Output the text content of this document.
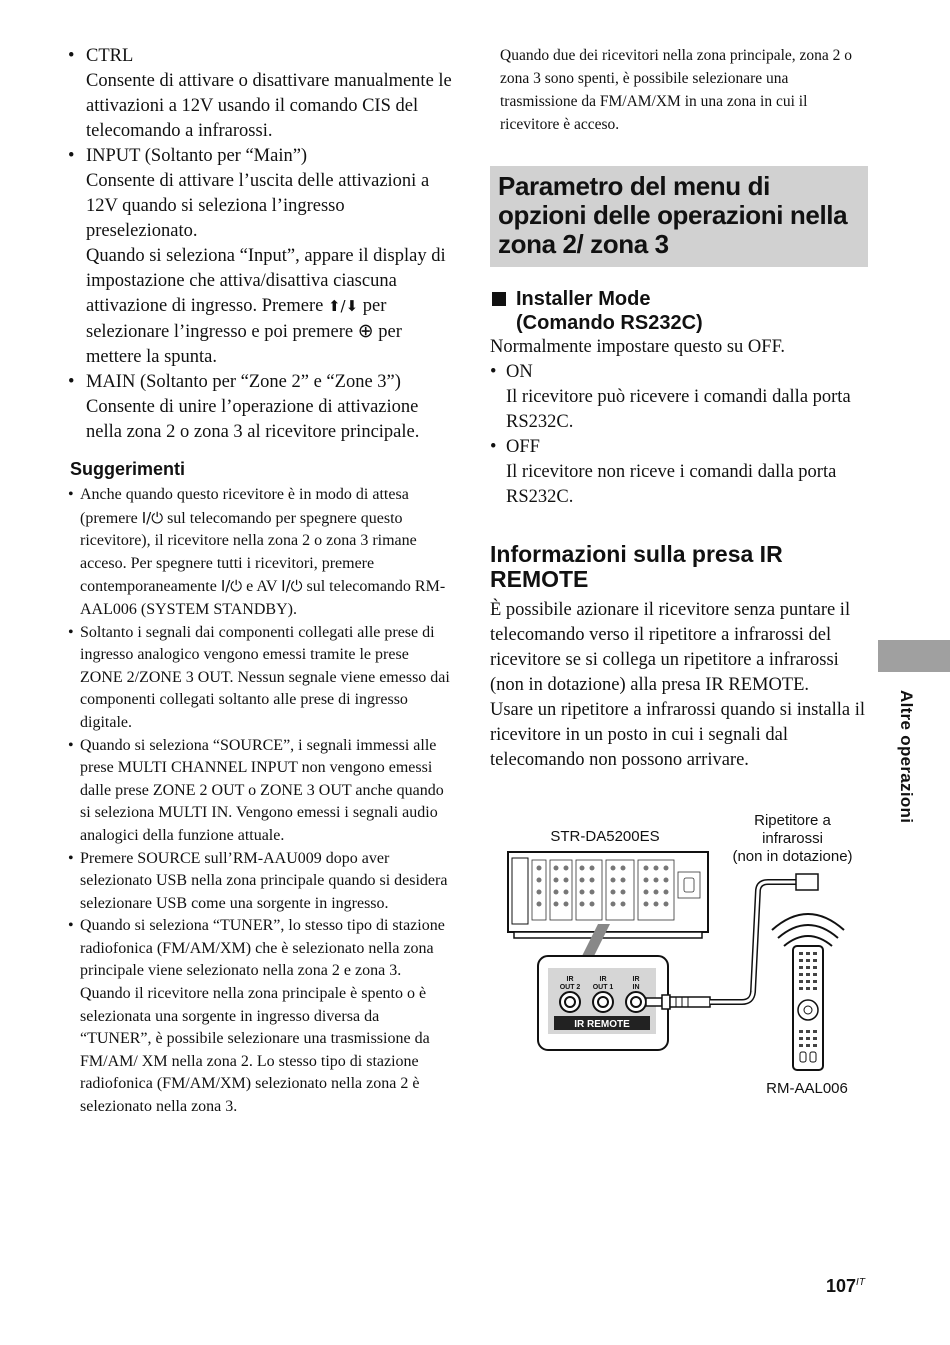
• CTRL
Consente di attivare o disattivare manualmente le attivazioni a 12V usando il comando CIS del telecomando a infrarossi.
• INPUT (Soltanto per “Main”)
Consente di attivare l’uscita delle attivazioni a 12V quando si seleziona l’ingresso preselezionato.
Quando si seleziona “Input”, appare il display di impostazione che attiva/disattiva ciascuna attivazione di ingresso. Premere ⬆/⬇ per selezionare l’ingresso e poi premere ⊕ per mettere la spunta.
• MAIN (Soltanto per “Zone 2” e “Zone 3”)
Consente di unire l’operazione di attivazione nella zona 2 o zona 3 al ricevitore principale.
Suggerimenti
• Anche quando questo ricevitore è in modo di attesa (premere I/⏻ sul telecomando per spegnere questo ricevitore), il ricevitore nella zona 2 o zona 3 rimane acceso. Per spegnere tutti i ricevitori, premere contemporaneamente I/⏻ e AV I/⏻ sul telecomando RM-AAL006 (SYSTEM STANDBY).
• Soltanto i segnali dai componenti collegati alle prese di ingresso analogico vengono emessi tramite le prese ZONE 2/ZONE 3 OUT. Nessun segnale viene emesso dai componenti collegati soltanto alle prese di ingresso digitale.
• Quando si seleziona “SOURCE”, i segnali immessi alle prese MULTI CHANNEL INPUT non vengono emessi dalle prese ZONE 2 OUT o ZONE 3 OUT anche quando si seleziona MULTI IN. Vengono emessi i segnali audio analogici della funzione attuale.
• Premere SOURCE sull’RM-AAU009 dopo aver selezionato USB nella zona principale quando si desidera selezionare USB come una sorgente in ingresso.
• Quando si seleziona “TUNER”, lo stesso tipo di stazione radiofonica (FM/AM/XM) che è selezionato nella zona principale viene selezionato nella zona 2 e zona 3. Quando il ricevitore nella zona principale è spento o è selezionata una sorgente in ingresso diversa da “TUNER”, è possibile selezionare una trasmissione da FM/AM/ XM nella zona 2. Lo stesso tipo di stazione radiofonica (FM/AM/XM) selezionato nella zona 2 è selezionato nella zona 3.

Quando due dei ricevitori nella zona principale, zona 2 o zona 3 sono spenti, è possibile selezionare una trasmissione da FM/AM/XM in una zona in cui il ricevitore è acceso.

Parametro del menu di opzioni delle operazioni nella zona 2/ zona 3
Installer Mode
(Comando RS232C)

Normalmente impostare questo su OFF.

• ON
Il ricevitore può ricevere i comandi dalla porta RS232C.
• OFF
Il ricevitore non riceve i comandi dalla porta RS232C.
Informazioni sulla presa IR REMOTE

È possibile azionare il ricevitore senza puntare il telecomando verso il ripetitore a infrarossi del ricevitore se si collega un ripetitore a infrarossi (non in dotazione) alla presa IR REMOTE.

Usare un ripetitore a infrarossi quando si installa il ricevitore in un posto in cui i segnali dal telecomando non possono arrivare.

STR-DA5200ES
Ripetitore a
infrarossi
(non in dotazione)
RM-AAL006
IR
OUT 2
IR
OUT 1
IR
IN
IR REMOTE
Altre operazioni
$107^{IT}$
